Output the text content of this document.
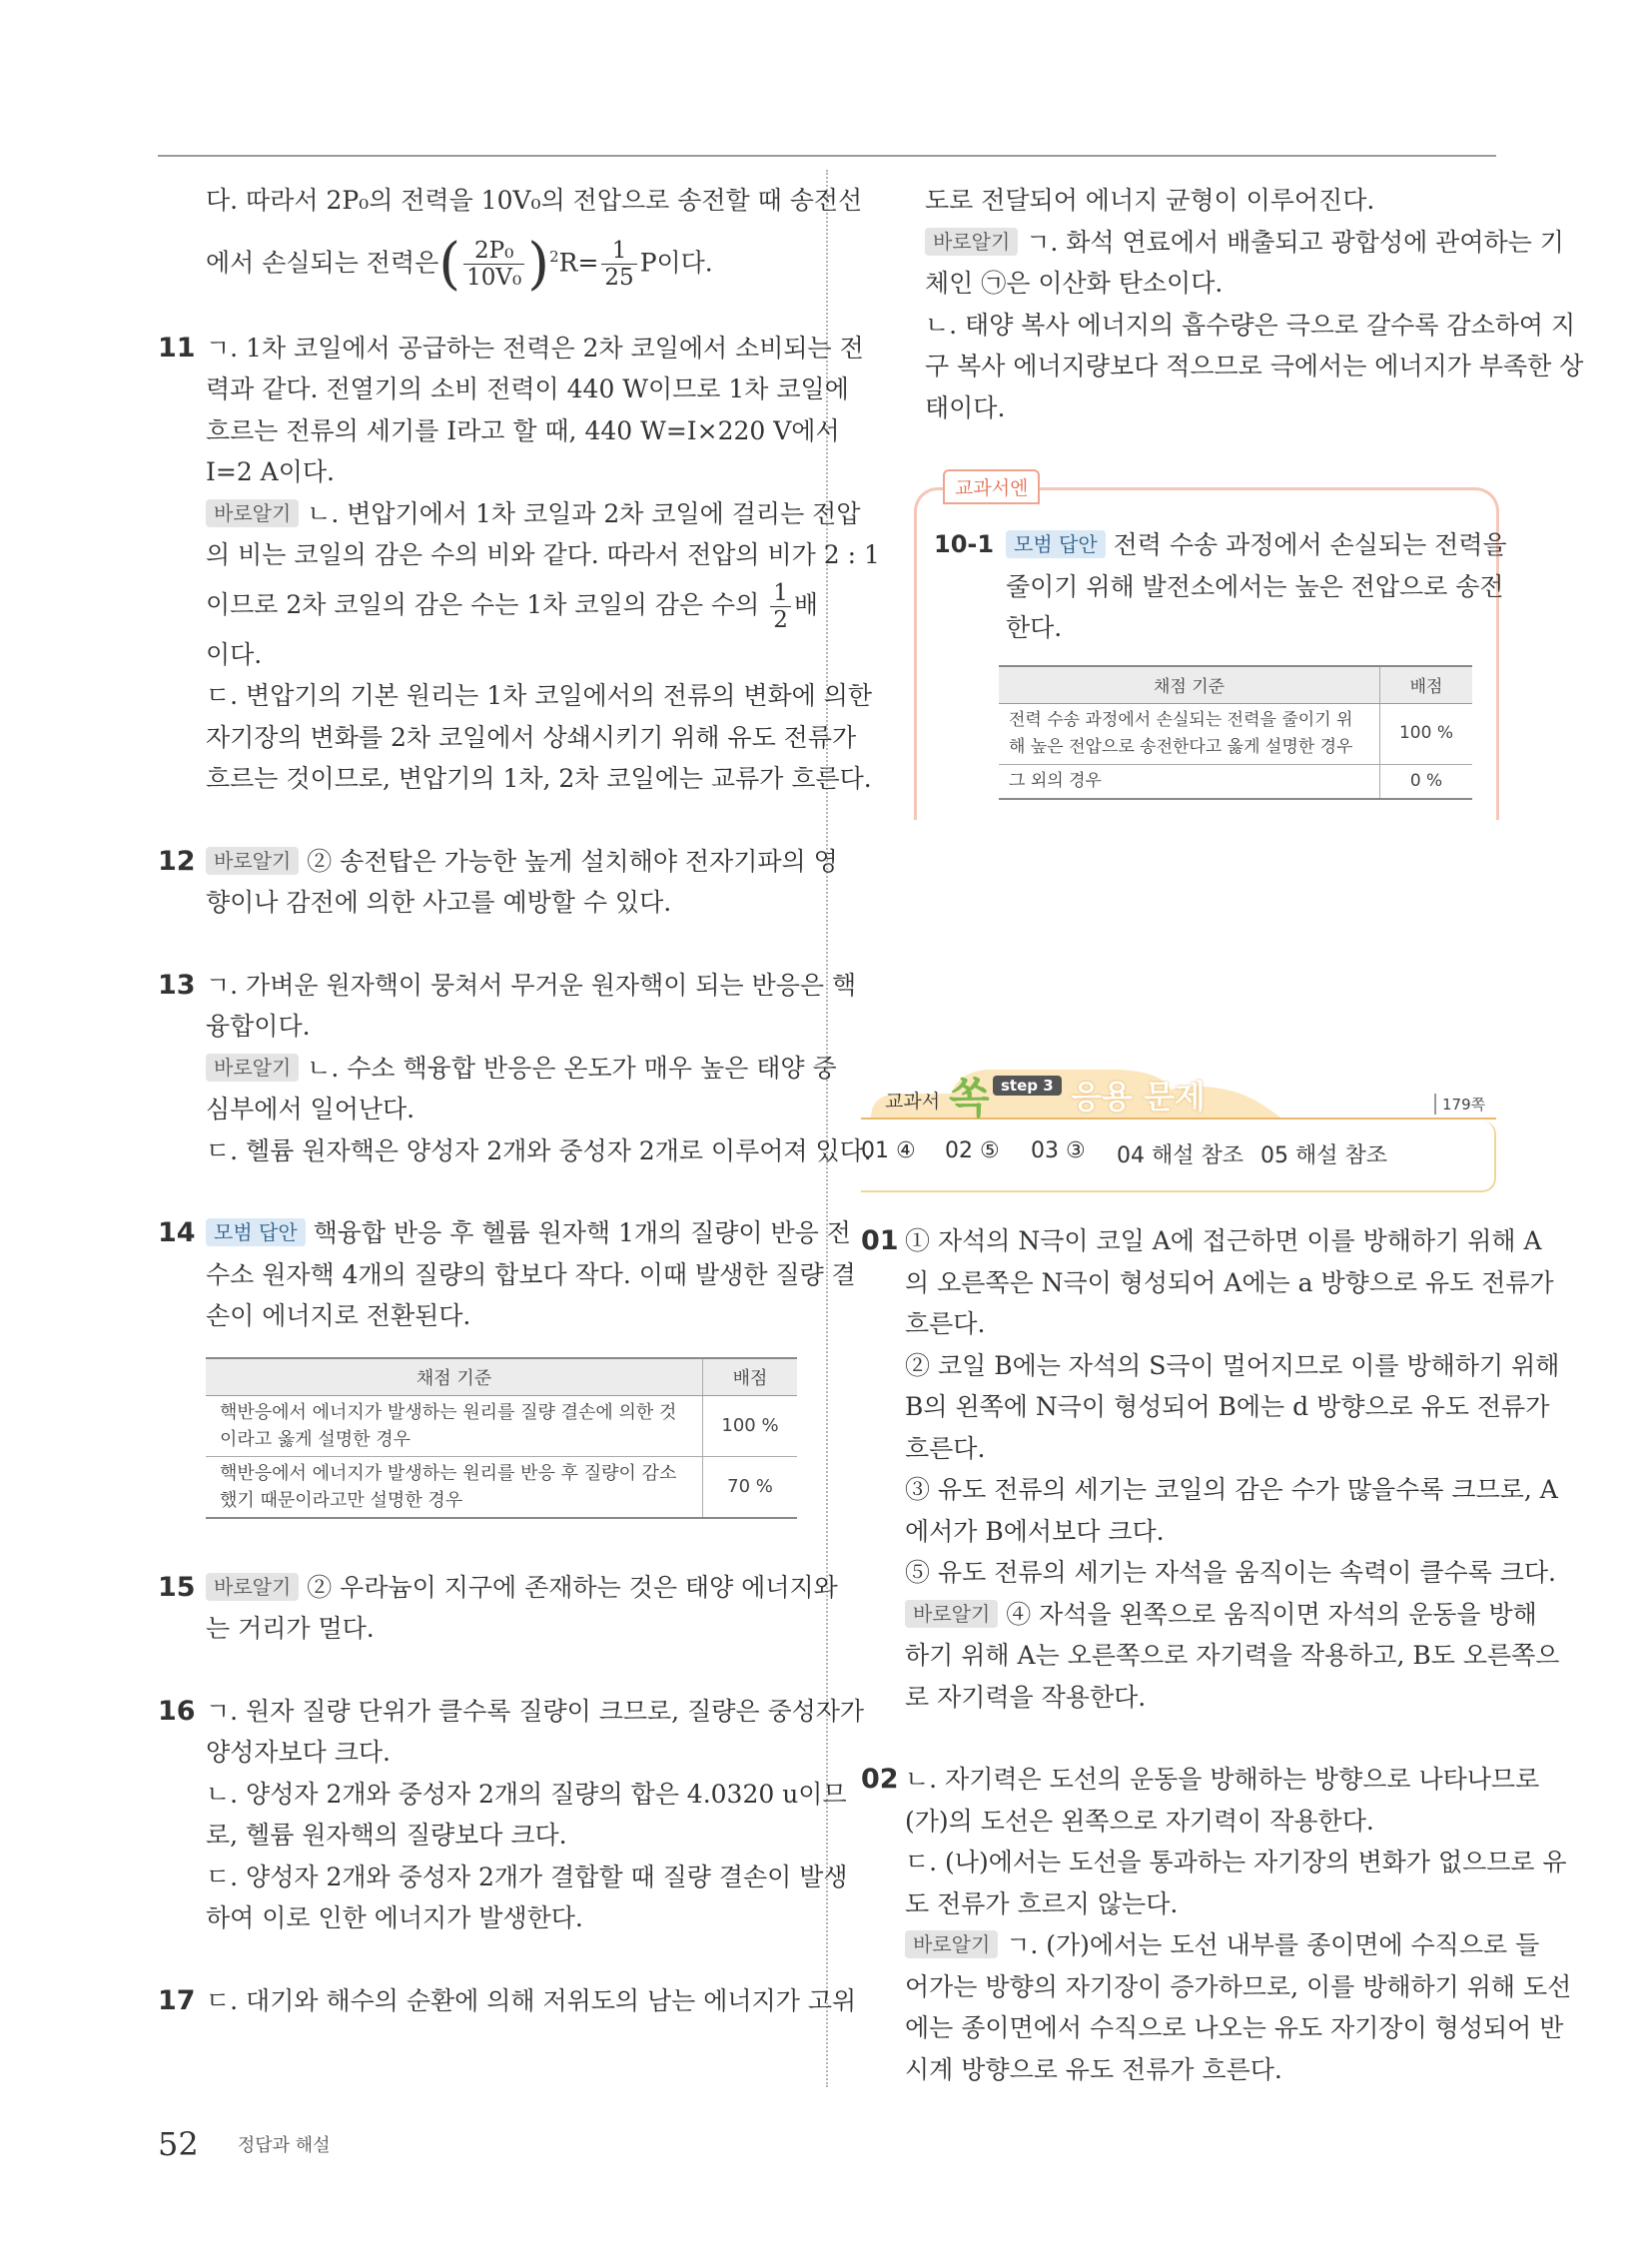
다. 따라서 2P₀의 전력을 10V₀의 전압으로 송전할 때 송전선

에서 손실되는 전력은( $\frac{\text{2P₀}}{\text{10V₀}} )^2R= \frac{1}{25}$ P이다.

11 ㄱ. 1차 코일에서 공급하는 전력은 2차 코일에서 소비되는 전

력과 같다. 전열기의 소비 전력이 440 W이므로 1차 코일에

흐르는 전류의 세기를 I라고 할 때, 440 W=I×220 V에서

I=2 A이다.

바로알기 ㄴ. 변압기에서 1차 코일과 2차 코일에 걸리는 전압

의 비는 코일의 감은 수의 비와 같다. 따라서 전압의 비가 2 : 1

이므로 2차 코일의 감은 수는 1차 코일의 감은 수의 $\frac{1}{2}$ 배

이다.

ㄷ. 변압기의 기본 원리는 1차 코일에서의 전류의 변화에 의한

자기장의 변화를 2차 코일에서 상쇄시키기 위해 유도 전류가

흐르는 것이므로, 변압기의 1차, 2차 코일에는 교류가 흐른다.

12 바로알기 ② 송전탑은 가능한 높게 설치해야 전자기파의 영

향이나 감전에 의한 사고를 예방할 수 있다.

13 ㄱ. 가벼운 원자핵이 뭉쳐서 무거운 원자핵이 되는 반응은 핵

융합이다.

바로알기 ㄴ. 수소 핵융합 반응은 온도가 매우 높은 태양 중

심부에서 일어난다.

ㄷ. 헬륨 원자핵은 양성자 2개와 중성자 2개로 이루어져 있다.

14 모범 답안 핵융합 반응 후 헬륨 원자핵 1개의 질량이 반응 전

수소 원자핵 4개의 질량의 합보다 작다. 이때 발생한 질량 결

손이 에너지로 전환된다.

채점 기준	배점
핵반응에서 에너지가 발생하는 원리를 질량 결손에 의한 것
이라고 옳게 설명한 경우	100 %
핵반응에서 에너지가 발생하는 원리를 반응 후 질량이 감소
했기 때문이라고만 설명한 경우	70 %
15 바로알기 ② 우라늄이 지구에 존재하는 것은 태양 에너지와

는 거리가 멀다.

16 ㄱ. 원자 질량 단위가 클수록 질량이 크므로, 질량은 중성자가

양성자보다 크다.

ㄴ. 양성자 2개와 중성자 2개의 질량의 합은 4.0320 u이므

로, 헬륨 원자핵의 질량보다 크다.

ㄷ. 양성자 2개와 중성자 2개가 결합할 때 질량 결손이 발생

하여 이로 인한 에너지가 발생한다.

17 ㄷ. 대기와 해수의 순환에 의해 저위도의 남는 에너지가 고위

도로 전달되어 에너지 균형이 이루어진다.

바로알기 ㄱ. 화석 연료에서 배출되고 광합성에 관여하는 기

체인 ㉠은 이산화 탄소이다.

ㄴ. 태양 복사 에너지의 흡수량은 극으로 갈수록 감소하여 지

구 복사 에너지량보다 적으므로 극에서는 에너지가 부족한 상

태이다.

교과서엔
10-1 모범 답안 전력 수송 과정에서 손실되는 전력을

줄이기 위해 발전소에서는 높은 전압으로 송전

한다.

채점 기준	배점
전력 수송 과정에서 손실되는 전력을 줄이기 위
해 높은 전압으로 송전한다고 옳게 설명한 경우	100 %
그 외의 경우	0 %
교과서 쏙 step 3 응용 문제	179쪽
01 ④ 02 ⑤ 03 ③ 04 해설 참조 05 해설 참조
01 ① 자석의 N극이 코일 A에 접근하면 이를 방해하기 위해 A

의 오른쪽은 N극이 형성되어 A에는 a 방향으로 유도 전류가

흐른다.

② 코일 B에는 자석의 S극이 멀어지므로 이를 방해하기 위해

B의 왼쪽에 N극이 형성되어 B에는 d 방향으로 유도 전류가

흐른다.

③ 유도 전류의 세기는 코일의 감은 수가 많을수록 크므로, A

에서가 B에서보다 크다.

⑤ 유도 전류의 세기는 자석을 움직이는 속력이 클수록 크다.

바로알기 ④ 자석을 왼쪽으로 움직이면 자석의 운동을 방해

하기 위해 A는 오른쪽으로 자기력을 작용하고, B도 오른쪽으

로 자기력을 작용한다.

02 ㄴ. 자기력은 도선의 운동을 방해하는 방향으로 나타나므로

(가)의 도선은 왼쪽으로 자기력이 작용한다.

ㄷ. (나)에서는 도선을 통과하는 자기장의 변화가 없으므로 유

도 전류가 흐르지 않는다.

바로알기 ㄱ. (가)에서는 도선 내부를 종이면에 수직으로 들

어가는 방향의 자기장이 증가하므로, 이를 방해하기 위해 도선

에는 종이면에서 수직으로 나오는 유도 자기장이 형성되어 반

시계 방향으로 유도 전류가 흐른다.

52 정답과 해설
